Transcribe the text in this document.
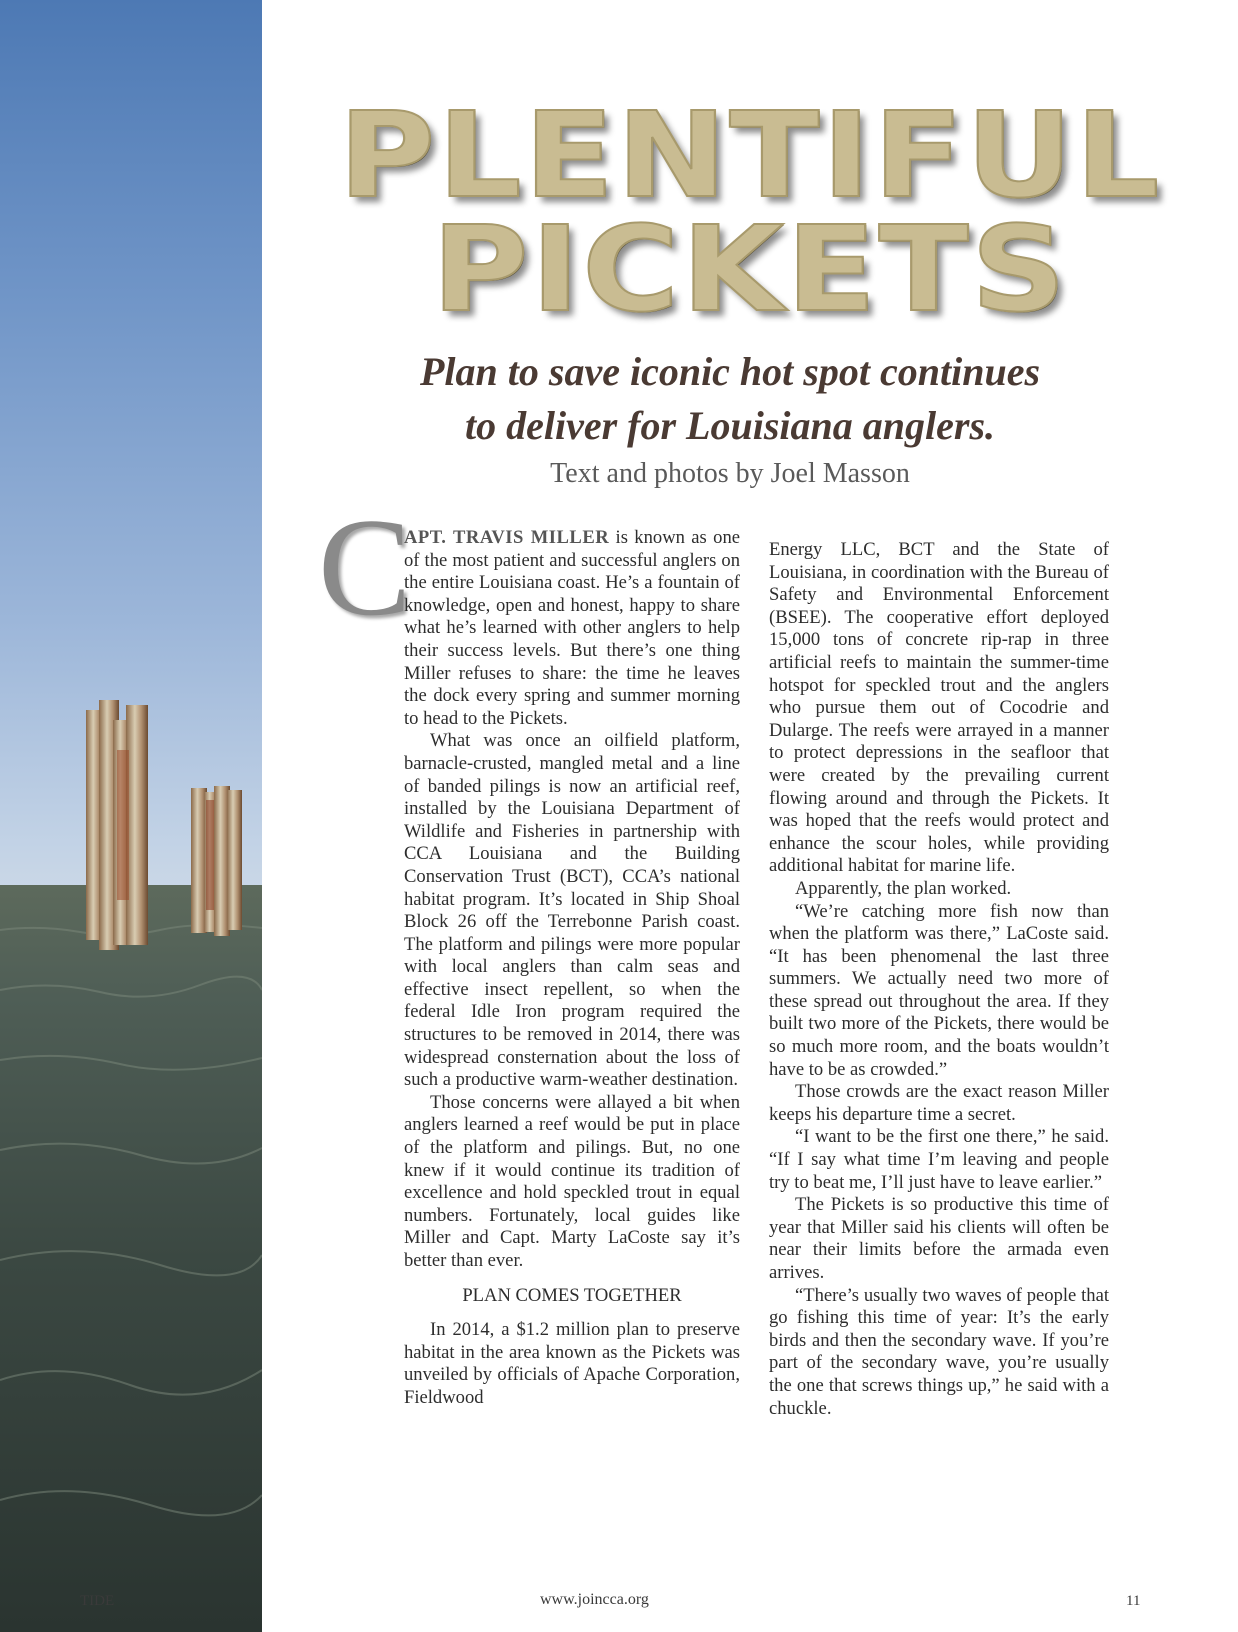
PLENTIFUL
PICKETS
Plan to save iconic hot spot continues
to deliver for Louisiana anglers.
Text and photos by Joel Masson
C

APT. TRAVIS MILLER is known as one of the most patient and successful anglers on the entire Louisiana coast. He’s a fountain of knowledge, open and honest, happy to share what he’s learned with other anglers to help their success levels. But there’s one thing Miller refuses to share: the time he leaves the dock every spring and summer morning to head to the Pickets.

What was once an oilfield platform, barnacle-crusted, mangled metal and a line of banded pilings is now an artificial reef, installed by the Louisiana Department of Wildlife and Fisheries in partnership with CCA Louisiana and the Building Conservation Trust (BCT), CCA’s national habitat program. It’s located in Ship Shoal Block 26 off the Terrebonne Parish coast. The platform and pilings were more popular with local anglers than calm seas and effective insect repellent, so when the federal Idle Iron program required the structures to be removed in 2014, there was widespread consternation about the loss of such a productive warm-weather destination.

Those concerns were allayed a bit when anglers learned a reef would be put in place of the platform and pilings. But, no one knew if it would continue its tradition of excellence and hold speckled trout in equal numbers. Fortunately, local guides like Miller and Capt. Marty LaCoste say it’s better than ever.

PLAN COMES TOGETHER

In 2014, a $1.2 million plan to preserve habitat in the area known as the Pickets was unveiled by officials of Apache Corporation, Fieldwood

Energy LLC, BCT and the State of Louisiana, in coordination with the Bureau of Safety and Environmental Enforcement (BSEE). The cooperative effort deployed 15,000 tons of concrete rip-rap in three artificial reefs to maintain the summer-time hotspot for speckled trout and the anglers who pursue them out of Cocodrie and Dularge. The reefs were arrayed in a manner to protect depressions in the seafloor that were created by the prevailing current flowing around and through the Pickets. It was hoped that the reefs would protect and enhance the scour holes, while providing additional habitat for marine life.

Apparently, the plan worked.

“We’re catching more fish now than when the platform was there,” LaCoste said. “It has been phenomenal the last three summers. We actually need two more of these spread out throughout the area. If they built two more of the Pickets, there would be so much more room, and the boats wouldn’t have to be as crowded.”

Those crowds are the exact reason Miller keeps his departure time a secret.

“I want to be the first one there,” he said. “If I say what time I’m leaving and people try to beat me, I’ll just have to leave earlier.”

The Pickets is so productive this time of year that Miller said his clients will often be near their limits before the armada even arrives.

“There’s usually two waves of people that go fishing this time of year: It’s the early birds and then the secondary wave. If you’re part of the secondary wave, you’re usually the one that screws things up,” he said with a chuckle.

TIDE	www.joincca.org	11
